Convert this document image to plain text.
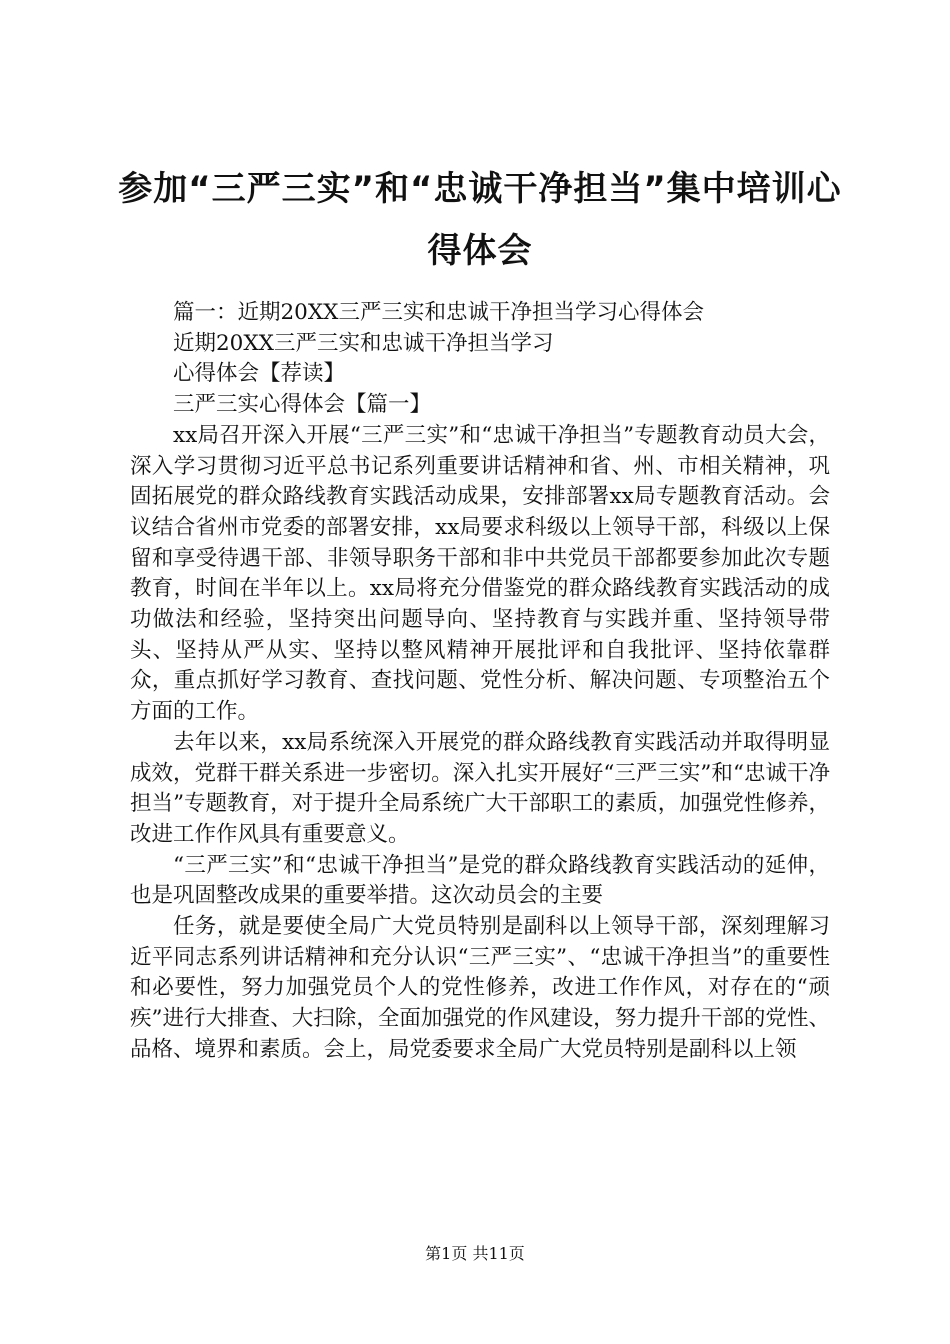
参加“三严三实”和“忠诚干净担当”集中培训心得体会

篇一：近期20XX三严三实和忠诚干净担当学习心得体会

近期20XX三严三实和忠诚干净担当学习

心得体会【荐读】

三严三实心得体会【篇一】

xx局召开深入开展“三严三实”和“忠诚干净担当”专题教育动员大会，深入学习贯彻习近平总书记系列重要讲话精神和省、州、市相关精神，巩固拓展党的群众路线教育实践活动成果，安排部署xx局专题教育活动。会议结合省州市党委的部署安排，xx局要求科级以上领导干部，科级以上保留和享受待遇干部、非领导职务干部和非中共党员干部都要参加此次专题教育，时间在半年以上。xx局将充分借鉴党的群众路线教育实践活动的成功做法和经验，坚持突出问题导向、坚持教育与实践并重、坚持领导带头、坚持从严从实、坚持以整风精神开展批评和自我批评、坚持依靠群众，重点抓好学习教育、查找问题、党性分析、解决问题、专项整治五个方面的工作。

去年以来，xx局系统深入开展党的群众路线教育实践活动并取得明显成效，党群干群关系进一步密切。深入扎实开展好“三严三实”和“忠诚干净担当”专题教育，对于提升全局系统广大干部职工的素质，加强党性修养，改进工作作风具有重要意义。

“三严三实”和“忠诚干净担当”是党的群众路线教育实践活动的延伸，也是巩固整改成果的重要举措。这次动员会的主要

任务，就是要使全局广大党员特别是副科以上领导干部，深刻理解习近平同志系列讲话精神和充分认识“三严三实”、“忠诚干净担当”的重要性和必要性，努力加强党员个人的党性修养，改进工作作风，对存在的“顽疾”进行大排查、大扫除，全面加强党的作风建设，努力提升干部的党性、品格、境界和素质。会上，局党委要求全局广大党员特别是副科以上领

第1页 共11页
